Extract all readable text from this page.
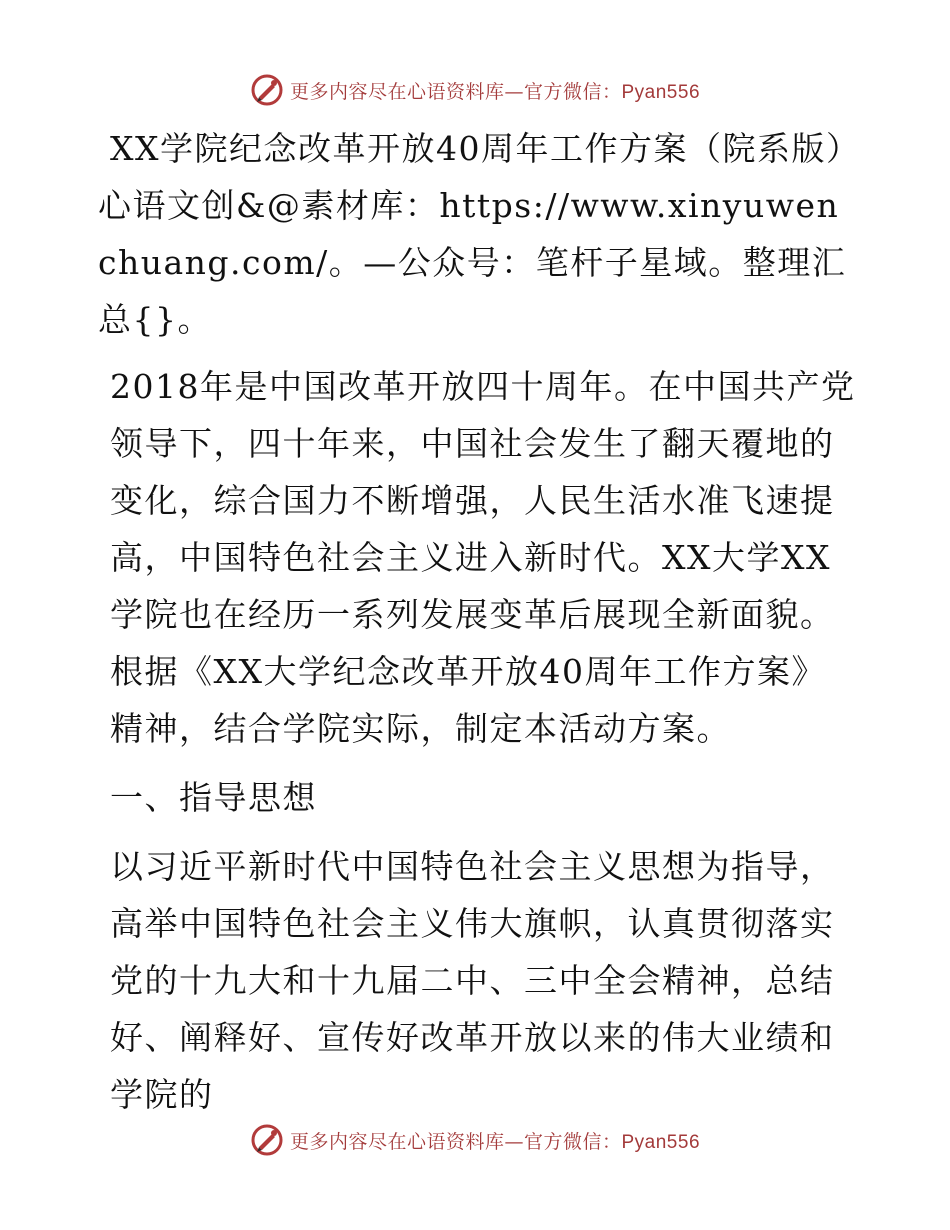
更多内容尽在心语资料库—官方微信：Pyan556

XX学院纪念改革开放40周年工作方案（院系版）

心语文创&@素材库：https://www.xinyuwenchuang.com/。—公众号：笔杆子星域。整理汇总{}。

2018年是中国改革开放四十周年。在中国共产党领导下，四十年来，中国社会发生了翻天覆地的变化，综合国力不断增强，人民生活水准飞速提高，中国特色社会主义进入新时代。XX大学XX学院也在经历一系列发展变革后展现全新面貌。根据《XX大学纪念改革开放40周年工作方案》精神，结合学院实际，制定本活动方案。

一、指导思想

以习近平新时代中国特色社会主义思想为指导，高举中国特色社会主义伟大旗帜，认真贯彻落实党的十九大和十九届二中、三中全会精神，总结好、阐释好、宣传好改革开放以来的伟大业绩和学院的

更多内容尽在心语资料库—官方微信：Pyan556
